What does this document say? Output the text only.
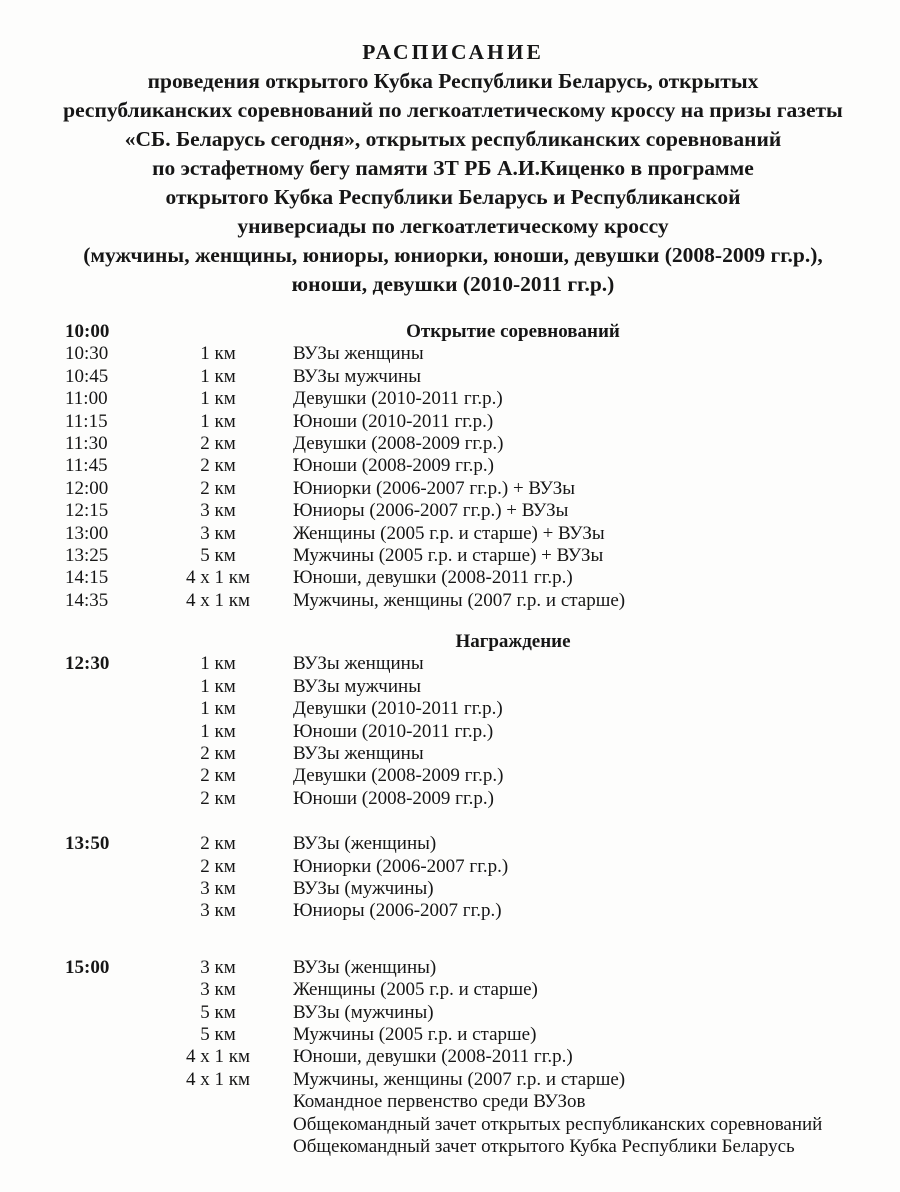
РАСПИСАНИЕ
проведения открытого Кубка Республики Беларусь, открытых
республиканских соревнований по легкоатлетическому кроссу на призы газеты
«СБ. Беларусь сегодня», открытых республиканских соревнований
по эстафетному бегу памяти ЗТ РБ А.И.Киценко в программе
открытого Кубка Республики Беларусь и Республиканской
универсиады по легкоатлетическому кроссу
(мужчины, женщины, юниоры, юниорки, юноши, девушки (2008-2009 гг.р.),
юноши, девушки (2010-2011 гг.р.)
10:00	Открытие соревнований
10:30	1 км	ВУЗы женщины
10:45	1 км	ВУЗы мужчины
11:00	1 км	Девушки (2010-2011 гг.р.)
11:15	1 км	Юноши (2010-2011 гг.р.)
11:30	2 км	Девушки (2008-2009 гг.р.)
11:45	2 км	Юноши (2008-2009 гг.р.)
12:00	2 км	Юниорки (2006-2007 гг.р.) + ВУЗы
12:15	3 км	Юниоры (2006-2007 гг.р.) + ВУЗы
13:00	3 км	Женщины (2005 г.р. и старше) + ВУЗы
13:25	5 км	Мужчины (2005 г.р. и старше) + ВУЗы
14:15	4 х 1 км	Юноши, девушки (2008-2011 гг.р.)
14:35	4 х 1 км	Мужчины, женщины (2007 г.р. и старше)
Награждение
12:30	1 км	ВУЗы женщины
1 км	ВУЗы мужчины
1 км	Девушки (2010-2011 гг.р.)
1 км	Юноши (2010-2011 гг.р.)
2 км	ВУЗы женщины
2 км	Девушки (2008-2009 гг.р.)
2 км	Юноши (2008-2009 гг.р.)
13:50	2 км	ВУЗы (женщины)
2 км	Юниорки (2006-2007 гг.р.)
3 км	ВУЗы (мужчины)
3 км	Юниоры (2006-2007 гг.р.)
15:00	3 км	ВУЗы (женщины)
3 км	Женщины (2005 г.р. и старше)
5 км	ВУЗы (мужчины)
5 км	Мужчины (2005 г.р. и старше)
4 х 1 км	Юноши, девушки (2008-2011 гг.р.)
4 х 1 км	Мужчины, женщины (2007 г.р. и старше)
Командное первенство среди ВУЗов
Общекомандный зачет открытых республиканских соревнований
Общекомандный зачет открытого Кубка Республики Беларусь
